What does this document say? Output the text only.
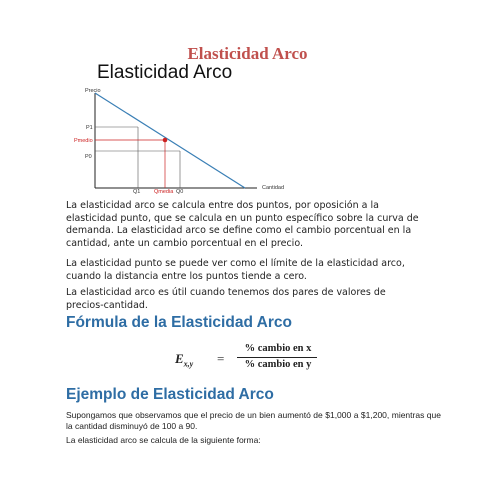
Elasticidad Arco
Elasticidad Arco
Precio
Cantidad
P1
Pmedio
P0
Q1 Qmedia Q0
La elasticidad arco se calcula entre dos puntos, por oposición a la elasticidad punto, que se calcula en un punto específico sobre la curva de demanda. La elasticidad arco se define como el cambio porcentual en la cantidad, ante un cambio porcentual en el precio.
La elasticidad punto se puede ver como el límite de la elasticidad arco, cuando la distancia entre los puntos tiende a cero.
La elasticidad arco es útil cuando tenemos dos pares de valores de precios-cantidad.
Fórmula de la Elasticidad Arco
$E_{x,y}$ =
% cambio en x
% cambio en y
Ejemplo de Elasticidad Arco
Supongamos que observamos que el precio de un bien aumentó de $1,000 a $1,200, mientras que la cantidad disminuyó de 100 a 90.
La elasticidad arco se calcula de la siguiente forma:
